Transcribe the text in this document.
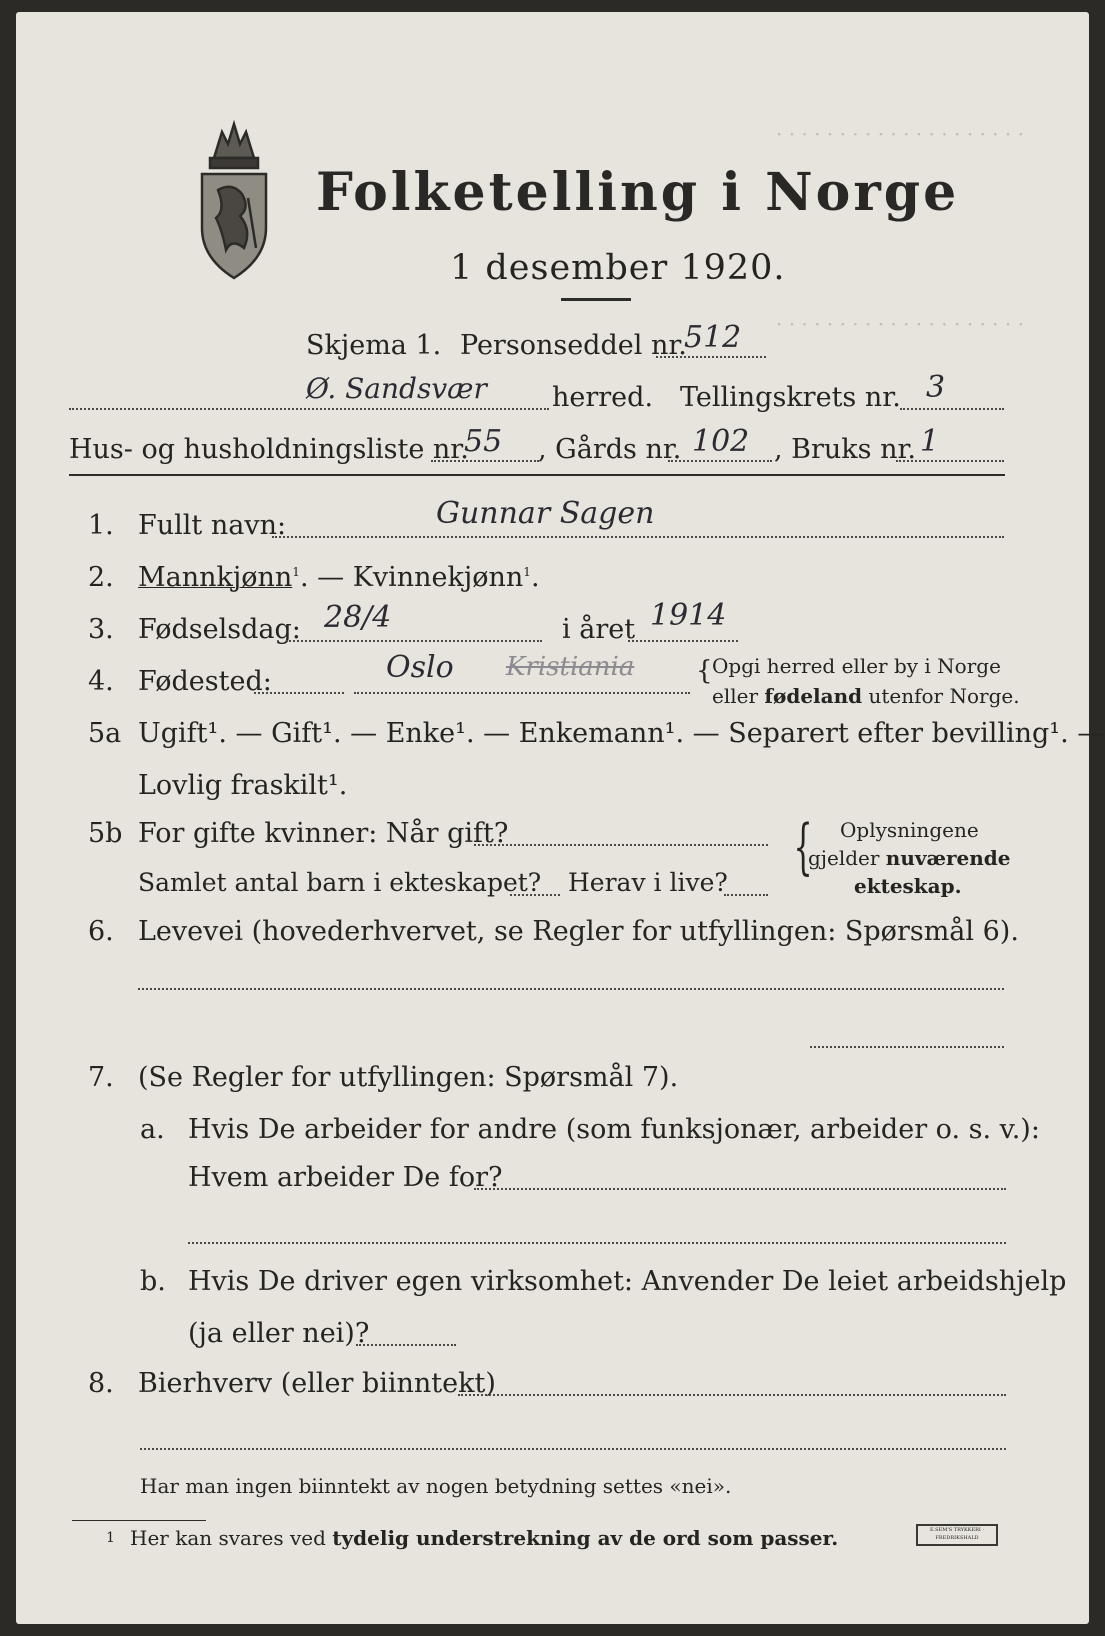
· · · · · · · · · · · · · · · · · · · ·
· · · · · · · · · · · · · · · · · · · ·
Folketelling i Norge
1 desember 1920.
Skjema 1. Personseddel nr.
512
Ø. Sandsvær herred. Tellingskrets nr. 3
Hus- og husholdningsliste nr.
55 , Gårds nr. 102 , Bruks nr. 1
1. Fullt navn:	Gunnar Sagen
2. Mannkjønn$^1$. — Kvinnekjønn$^1$.
3. Fødselsdag: 28/4	i året 1914
4. Fødested:	Oslo Kristiania { Opgi herred eller by i Norge
eller fødeland utenfor Norge.
5a Ugift¹. — Gift¹. — Enke¹. — Enkemann¹. — Separert efter bevilling¹. —
Lovlig fraskilt¹.
5b For gifte kvinner: Når gift?
Samlet antal barn i ekteskapet? Herav i live?
{ Oplysningene
gjelder nuværende
ekteskap.
6. Levevei (hovederhvervet, se Regler for utfyllingen: Spørsmål 6).
7. (Se Regler for utfyllingen: Spørsmål 7).
a. Hvis De arbeider for andre (som funksjonær, arbeider o. s. v.):
Hvem arbeider De for?
b. Hvis De driver egen virksomhet: Anvender De leiet arbeidshjelp
(ja eller nei)?
8. Bierhverv (eller biinntekt)
Har man ingen biinntekt av nogen betydning settes «nei».
1 Her kan svares ved tydelig understrekning av de ord som passer.	E.SEM'S TRYKKERI · FREDRIKSHALD
